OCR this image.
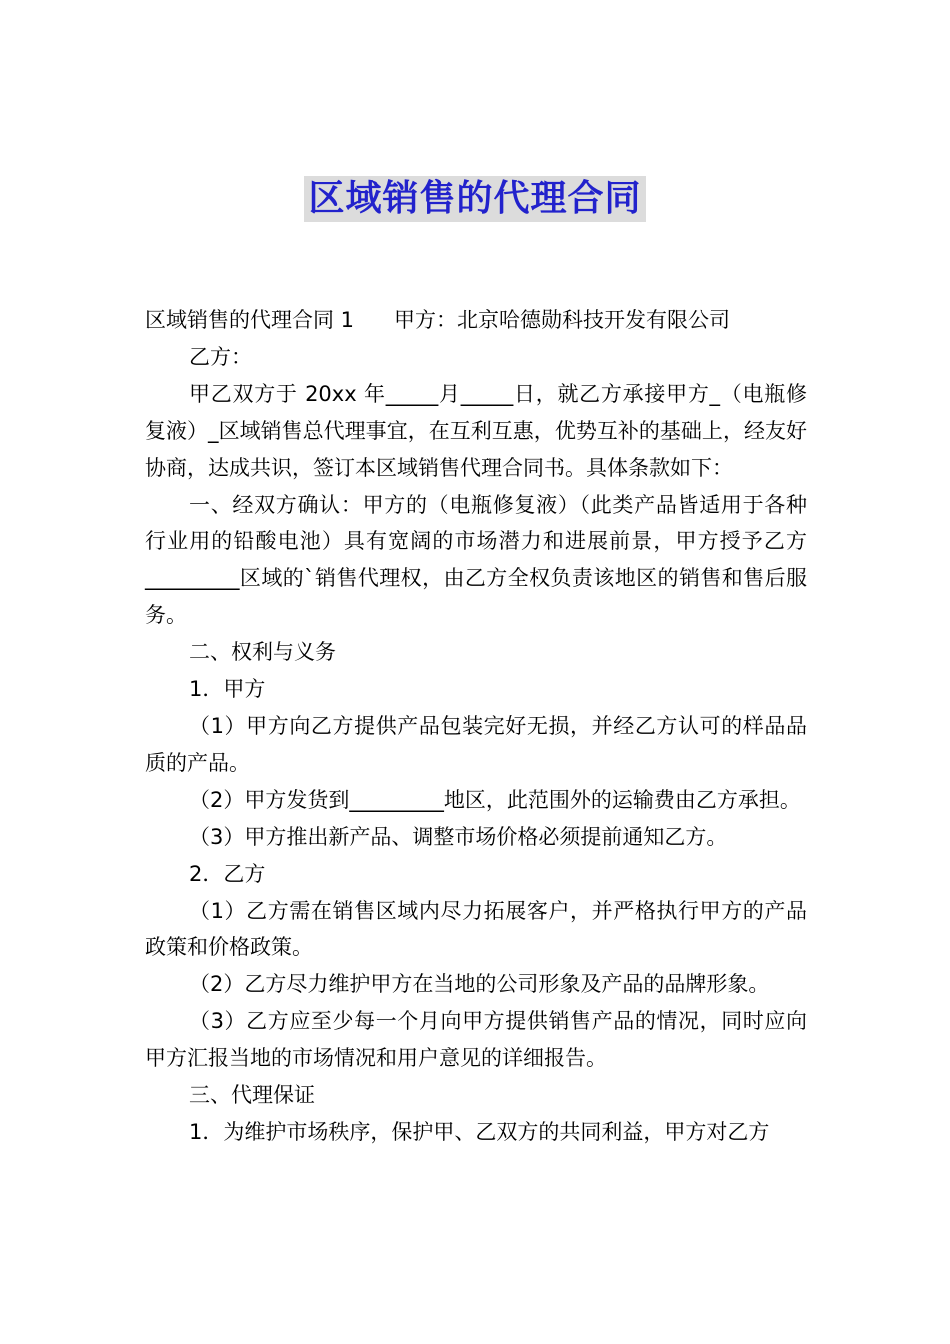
区域销售的代理合同

区域销售的代理合同 1 甲方：北京哈德勋科技开发有限公司

乙方：

甲乙双方于 20xx 年_____月_____日，就乙方承接甲方_（电瓶修复液）_区域销售总代理事宜，在互利互惠，优势互补的基础上，经友好协商，达成共识，签订本区域销售代理合同书。具体条款如下：

一、经双方确认：甲方的（电瓶修复液）（此类产品皆适用于各种行业用的铅酸电池）具有宽阔的市场潜力和进展前景，甲方授予乙方_________区域的`销售代理权，由乙方全权负责该地区的销售和售后服务。

二、权利与义务

1．甲方

（1）甲方向乙方提供产品包装完好无损，并经乙方认可的样品品质的产品。

（2）甲方发货到_________地区，此范围外的运输费由乙方承担。

（3）甲方推出新产品、调整市场价格必须提前通知乙方。

2．乙方

（1）乙方需在销售区域内尽力拓展客户，并严格执行甲方的产品政策和价格政策。

（2）乙方尽力维护甲方在当地的公司形象及产品的品牌形象。

（3）乙方应至少每一个月向甲方提供销售产品的情况，同时应向甲方汇报当地的市场情况和用户意见的详细报告。

三、代理保证

1．为维护市场秩序，保护甲、乙双方的共同利益，甲方对乙方
